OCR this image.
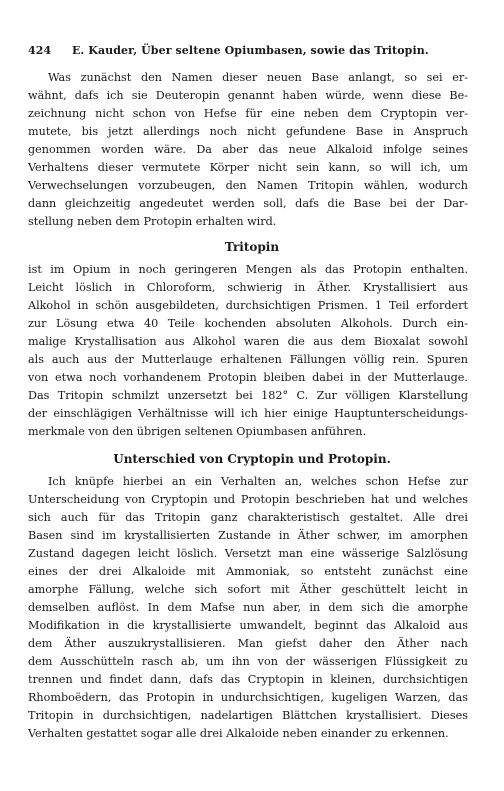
424 E. Kauder, Über seltene Opiumbasen, sowie das Tritopin.
Was zunächst den Namen dieser neuen Base anlangt, so sei er-
wähnt, dafs ich sie Deuteropin genannt haben würde, wenn diese Be-
zeichnung nicht schon von Hefse für eine neben dem Cryptopin ver-
mutete, bis jetzt allerdings noch nicht gefundene Base in Anspruch
genommen worden wäre. Da aber das neue Alkaloid infolge seines
Verhaltens dieser vermutete Körper nicht sein kann, so will ich, um
Verwechselungen vorzubeugen, den Namen Tritopin wählen, wodurch
dann gleichzeitig angedeutet werden soll, dafs die Base bei der Dar-
stellung neben dem Protopin erhalten wird.
Tritopin
ist im Opium in noch geringeren Mengen als das Protopin enthalten.
Leicht löslich in Chloroform, schwierig in Äther. Krystallisiert aus
Alkohol in schön ausgebildeten, durchsichtigen Prismen. 1 Teil erfordert
zur Lösung etwa 40 Teile kochenden absoluten Alkohols. Durch ein-
malige Krystallisation aus Alkohol waren die aus dem Bioxalat sowohl
als auch aus der Mutterlauge erhaltenen Fällungen völlig rein. Spuren
von etwa noch vorhandenem Protopin bleiben dabei in der Mutterlauge.
Das Tritopin schmilzt unzersetzt bei 182° C. Zur völligen Klarstellung
der einschlägigen Verhältnisse will ich hier einige Hauptunterscheidungs-
merkmale von den übrigen seltenen Opiumbasen anführen.
Unterschied von Cryptopin und Protopin.
Ich knüpfe hierbei an ein Verhalten an, welches schon Hefse zur
Unterscheidung von Cryptopin und Protopin beschrieben hat und welches
sich auch für das Tritopin ganz charakteristisch gestaltet. Alle drei
Basen sind im krystallisierten Zustande in Äther schwer, im amorphen
Zustand dagegen leicht löslich. Versetzt man eine wässerige Salzlösung
eines der drei Alkaloide mit Ammoniak, so entsteht zunächst eine
amorphe Fällung, welche sich sofort mit Äther geschüttelt leicht in
demselben auflöst. In dem Mafse nun aber, in dem sich die amorphe
Modifikation in die krystallisierte umwandelt, beginnt das Alkaloid aus
dem Äther auszukrystallisieren. Man giefst daher den Äther nach
dem Ausschütteln rasch ab, um ihn von der wässerigen Flüssigkeit zu
trennen und findet dann, dafs das Cryptopin in kleinen, durchsichtigen
Rhomboëdern, das Protopin in undurchsichtigen, kugeligen Warzen, das
Tritopin in durchsichtigen, nadelartigen Blättchen krystallisiert. Dieses
Verhalten gestattet sogar alle drei Alkaloide neben einander zu erkennen.
